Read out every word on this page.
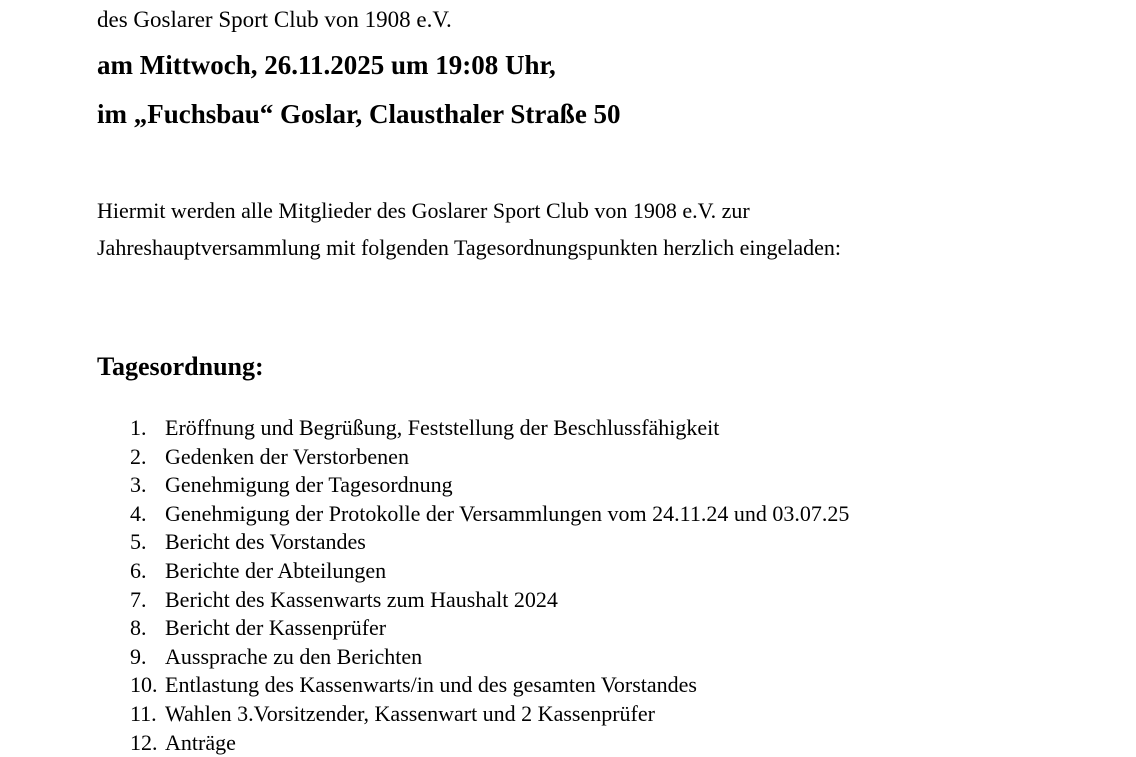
des Goslarer Sport Club von 1908 e.V.
am Mittwoch, 26.11.2025 um 19:08 Uhr,
im „Fuchsbau“ Goslar, Clausthaler Straße 50

Hiermit werden alle Mitglieder des Goslarer Sport Club von 1908 e.V. zur Jahreshauptversammlung mit folgenden Tagesordnungspunkten herzlich eingeladen:

Tagesordnung:
1. Eröffnung und Begrüßung, Feststellung der Beschlussfähigkeit
2. Gedenken der Verstorbenen
3. Genehmigung der Tagesordnung
4. Genehmigung der Protokolle der Versammlungen vom 24.11.24 und 03.07.25
5. Bericht des Vorstandes
6. Berichte der Abteilungen
7. Bericht des Kassenwarts zum Haushalt 2024
8. Bericht der Kassenprüfer
9. Aussprache zu den Berichten
10. Entlastung des Kassenwarts/in und des gesamten Vorstandes
11. Wahlen 3.Vorsitzender, Kassenwart und 2 Kassenprüfer
12. Anträge
